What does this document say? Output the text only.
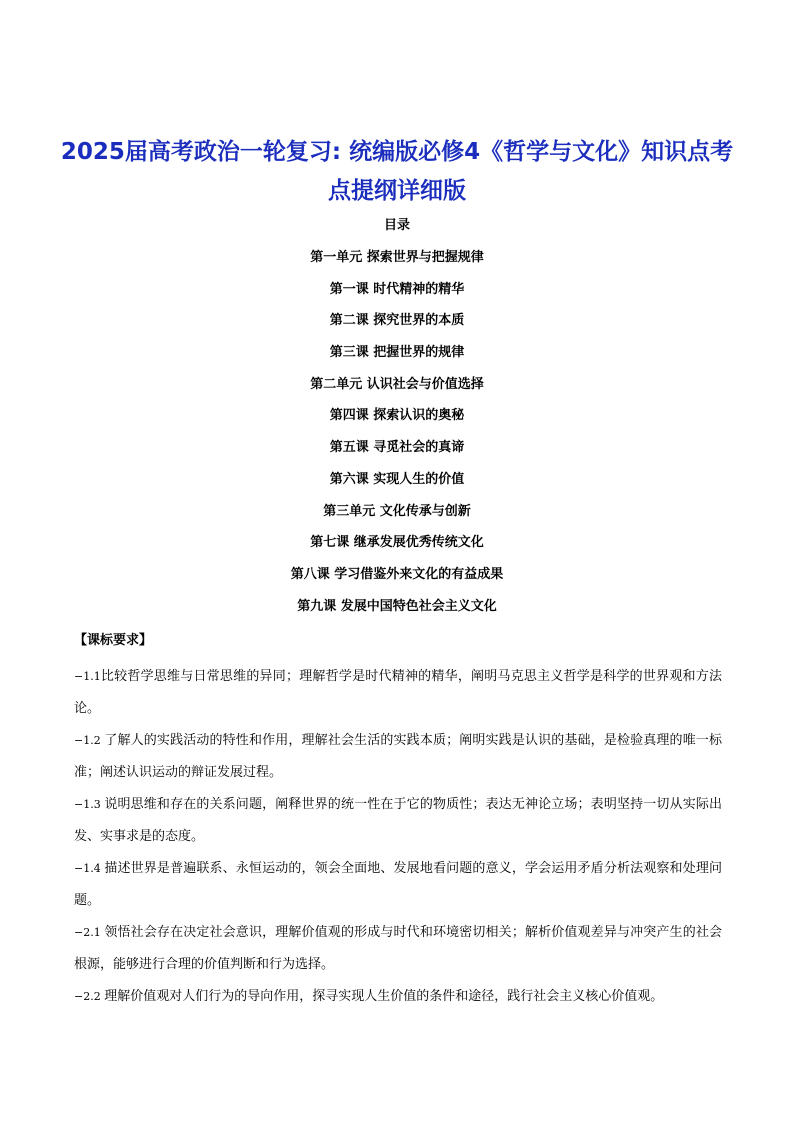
2025届高考政治一轮复习: 统编版必修4《哲学与文化》知识点考点提纲详细版
目录
第一单元 探索世界与把握规律
第一课 时代精神的精华
第二课 探究世界的本质
第三课 把握世界的规律
第二单元 认识社会与价值选择
第四课 探索认识的奥秘
第五课 寻觅社会的真谛
第六课 实现人生的价值
第三单元 文化传承与创新
第七课 继承发展优秀传统文化
第八课 学习借鉴外来文化的有益成果
第九课 发展中国特色社会主义文化
【课标要求】

−1.1比较哲学思维与日常思维的异同；理解哲学是时代精神的精华，阐明马克思主义哲学是科学的世界观和方法论。

−1.2 了解人的实践活动的特性和作用，理解社会生活的实践本质；阐明实践是认识的基础，是检验真理的唯一标准；阐述认识运动的辩证发展过程。

−1.3 说明思维和存在的关系问题，阐释世界的统一性在于它的物质性；表达无神论立场；表明坚持一切从实际出发、实事求是的态度。

−1.4 描述世界是普遍联系、永恒运动的，领会全面地、发展地看问题的意义，学会运用矛盾分析法观察和处理问题。

−2.1 领悟社会存在决定社会意识，理解价值观的形成与时代和环境密切相关；解析价值观差异与冲突产生的社会根源，能够进行合理的价值判断和行为选择。

−2.2 理解价值观对人们行为的导向作用，探寻实现人生价值的条件和途径，践行社会主义核心价值观。
